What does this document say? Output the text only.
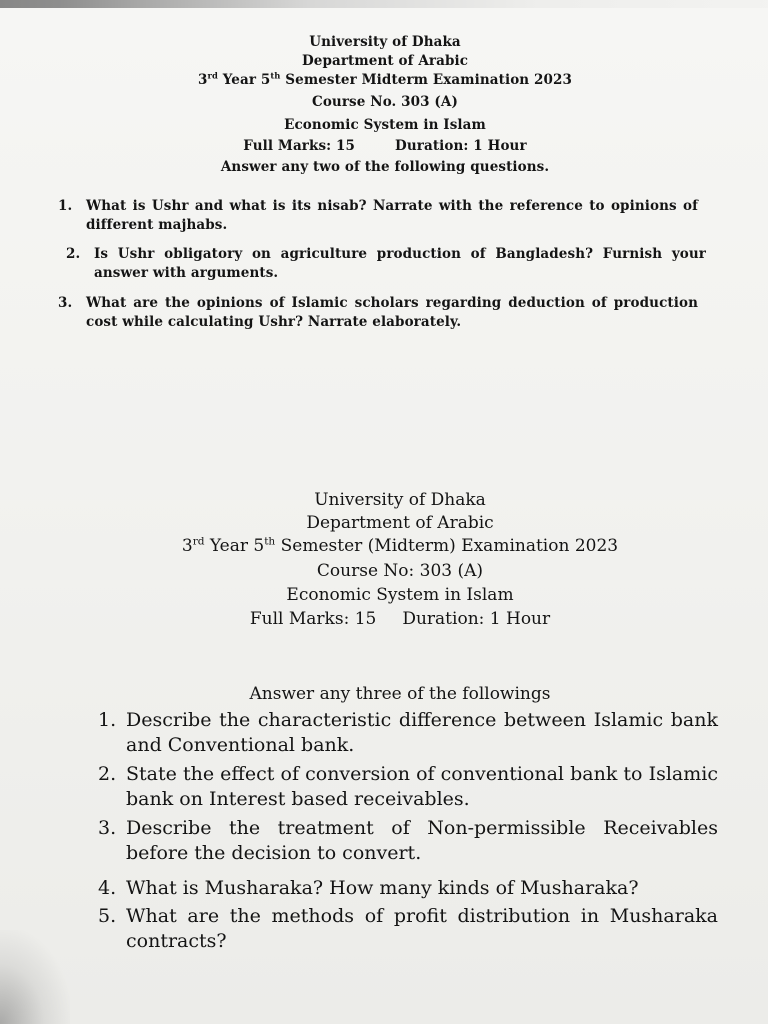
University of Dhaka
Department of Arabic
3rd Year 5th Semester Midterm Examination 2023
Course No. 303 (A)
Economic System in Islam
Full Marks: 15	Duration: 1 Hour
Answer any two of the following questions.
1. What is Ushr and what is its nisab? Narrate with the reference to opinions of different majhabs.
2. Is Ushr obligatory on agriculture production of Bangladesh? Furnish your answer with arguments.
3. What are the opinions of Islamic scholars regarding deduction of production cost while calculating Ushr? Narrate elaborately.
University of Dhaka
Department of Arabic
3rd Year 5th Semester (Midterm) Examination 2023
Course No: 303 (A)
Economic System in Islam
Full Marks: 15 Duration: 1 Hour
Answer any three of the followings
1. Describe the characteristic difference between Islamic bank and Conventional bank.
2. State the effect of conversion of conventional bank to Islamic bank on Interest based receivables.
3. Describe the treatment of Non-permissible Receivables before the decision to convert.
4. What is Musharaka? How many kinds of Musharaka?
5. What are the methods of profit distribution in Musharaka contracts?
